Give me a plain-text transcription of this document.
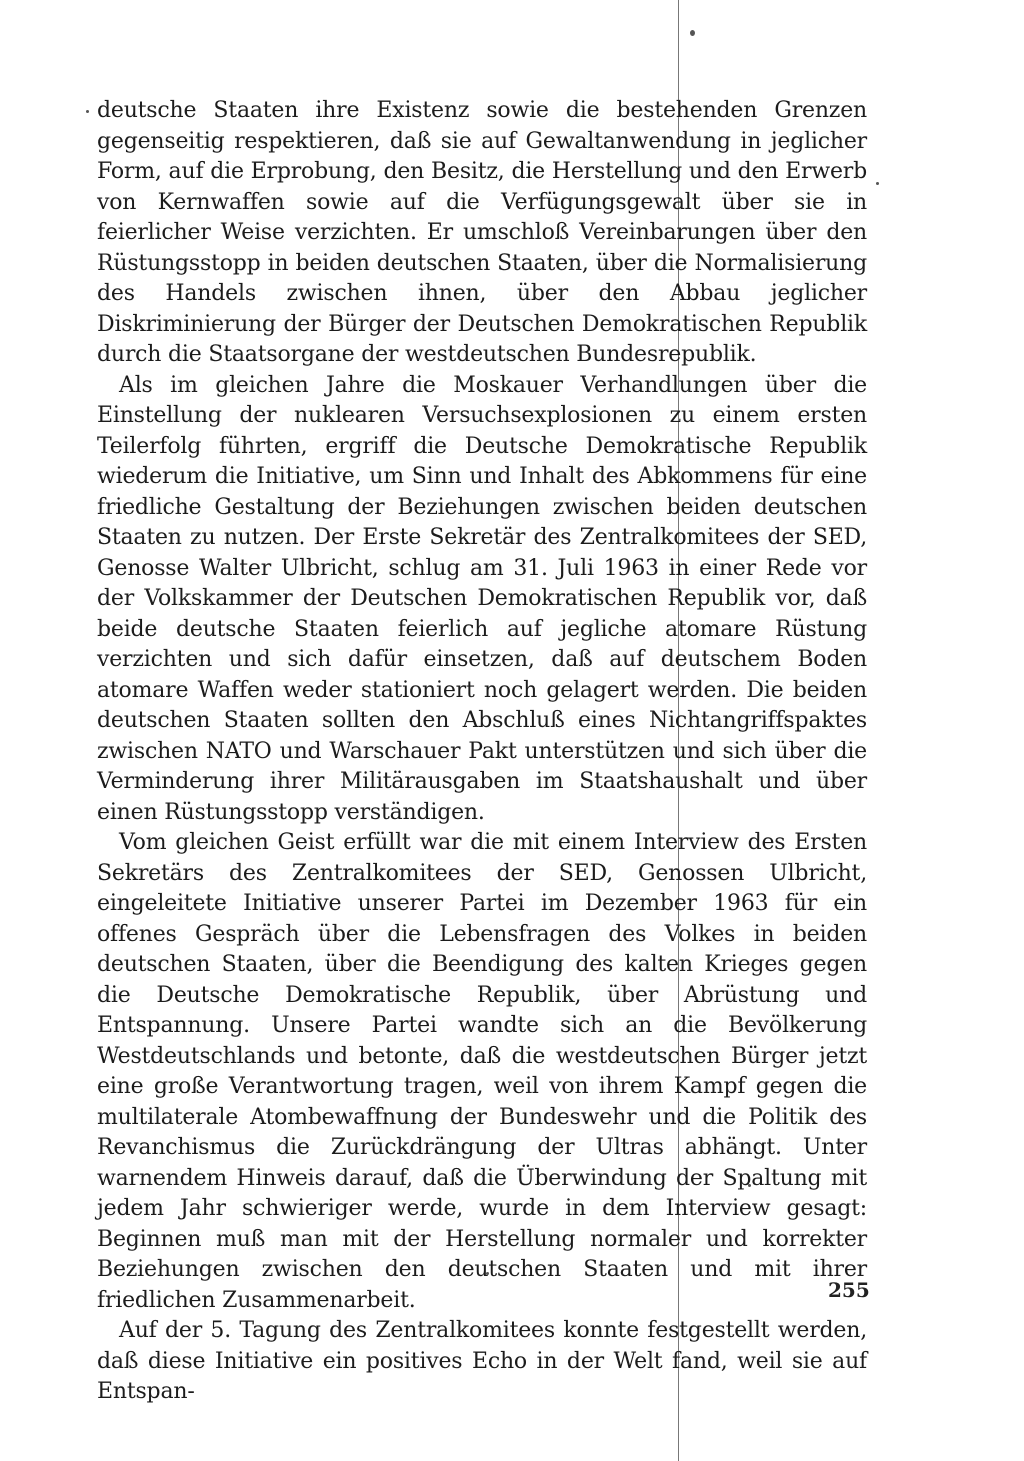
deutsche Staaten ihre Existenz sowie die bestehenden Grenzen gegenseitig respektieren, daß sie auf Gewaltanwendung in jeglicher Form, auf die Erprobung, den Besitz, die Herstellung und den Erwerb von Kernwaffen sowie auf die Verfügungsgewalt über sie in feierlicher Weise verzichten. Er umschloß Vereinbarungen über den Rüstungsstopp in beiden deutschen Staaten, über die Normalisierung des Handels zwischen ihnen, über den Abbau jeglicher Diskriminierung der Bürger der Deutschen Demokratischen Republik durch die Staatsorgane der westdeutschen Bundesrepublik.

Als im gleichen Jahre die Moskauer Verhandlungen über die Einstellung der nuklearen Versuchsexplosionen zu einem ersten Teilerfolg führten, ergriff die Deutsche Demokratische Republik wiederum die Initiative, um Sinn und Inhalt des Abkommens für eine friedliche Gestaltung der Beziehungen zwischen beiden deutschen Staaten zu nutzen. Der Erste Sekretär des Zentralkomitees der SED, Genosse Walter Ulbricht, schlug am 31. Juli 1963 in einer Rede vor der Volkskammer der Deutschen Demokratischen Republik vor, daß beide deutsche Staaten feierlich auf jegliche atomare Rüstung verzichten und sich dafür einsetzen, daß auf deutschem Boden atomare Waffen weder stationiert noch gelagert werden. Die beiden deutschen Staaten sollten den Abschluß eines Nichtangriffspaktes zwischen NATO und Warschauer Pakt unterstützen und sich über die Verminderung ihrer Militärausgaben im Staatshaushalt und über einen Rüstungsstopp verständigen.

Vom gleichen Geist erfüllt war die mit einem Interview des Ersten Sekretärs des Zentralkomitees der SED, Genossen Ulbricht, eingeleitete Initiative unserer Partei im Dezember 1963 für ein offenes Gespräch über die Lebensfragen des Volkes in beiden deutschen Staaten, über die Beendigung des kalten Krieges gegen die Deutsche Demokratische Republik, über Abrüstung und Entspannung. Unsere Partei wandte sich an die Bevölkerung Westdeutschlands und betonte, daß die westdeutschen Bürger jetzt eine große Verantwortung tragen, weil von ihrem Kampf gegen die multilaterale Atombewaffnung der Bundeswehr und die Politik des Revanchismus die Zurückdrängung der Ultras abhängt. Unter warnendem Hinweis darauf, daß die Überwindung der Spaltung mit jedem Jahr schwieriger werde, wurde in dem Interview gesagt: Beginnen muß man mit der Herstellung normaler und korrekter Beziehungen zwischen den deutschen Staaten und mit ihrer friedlichen Zusammenarbeit.

Auf der 5. Tagung des Zentralkomitees konnte festgestellt werden, daß diese Initiative ein positives Echo in der Welt fand, weil sie auf Entspan-

255
